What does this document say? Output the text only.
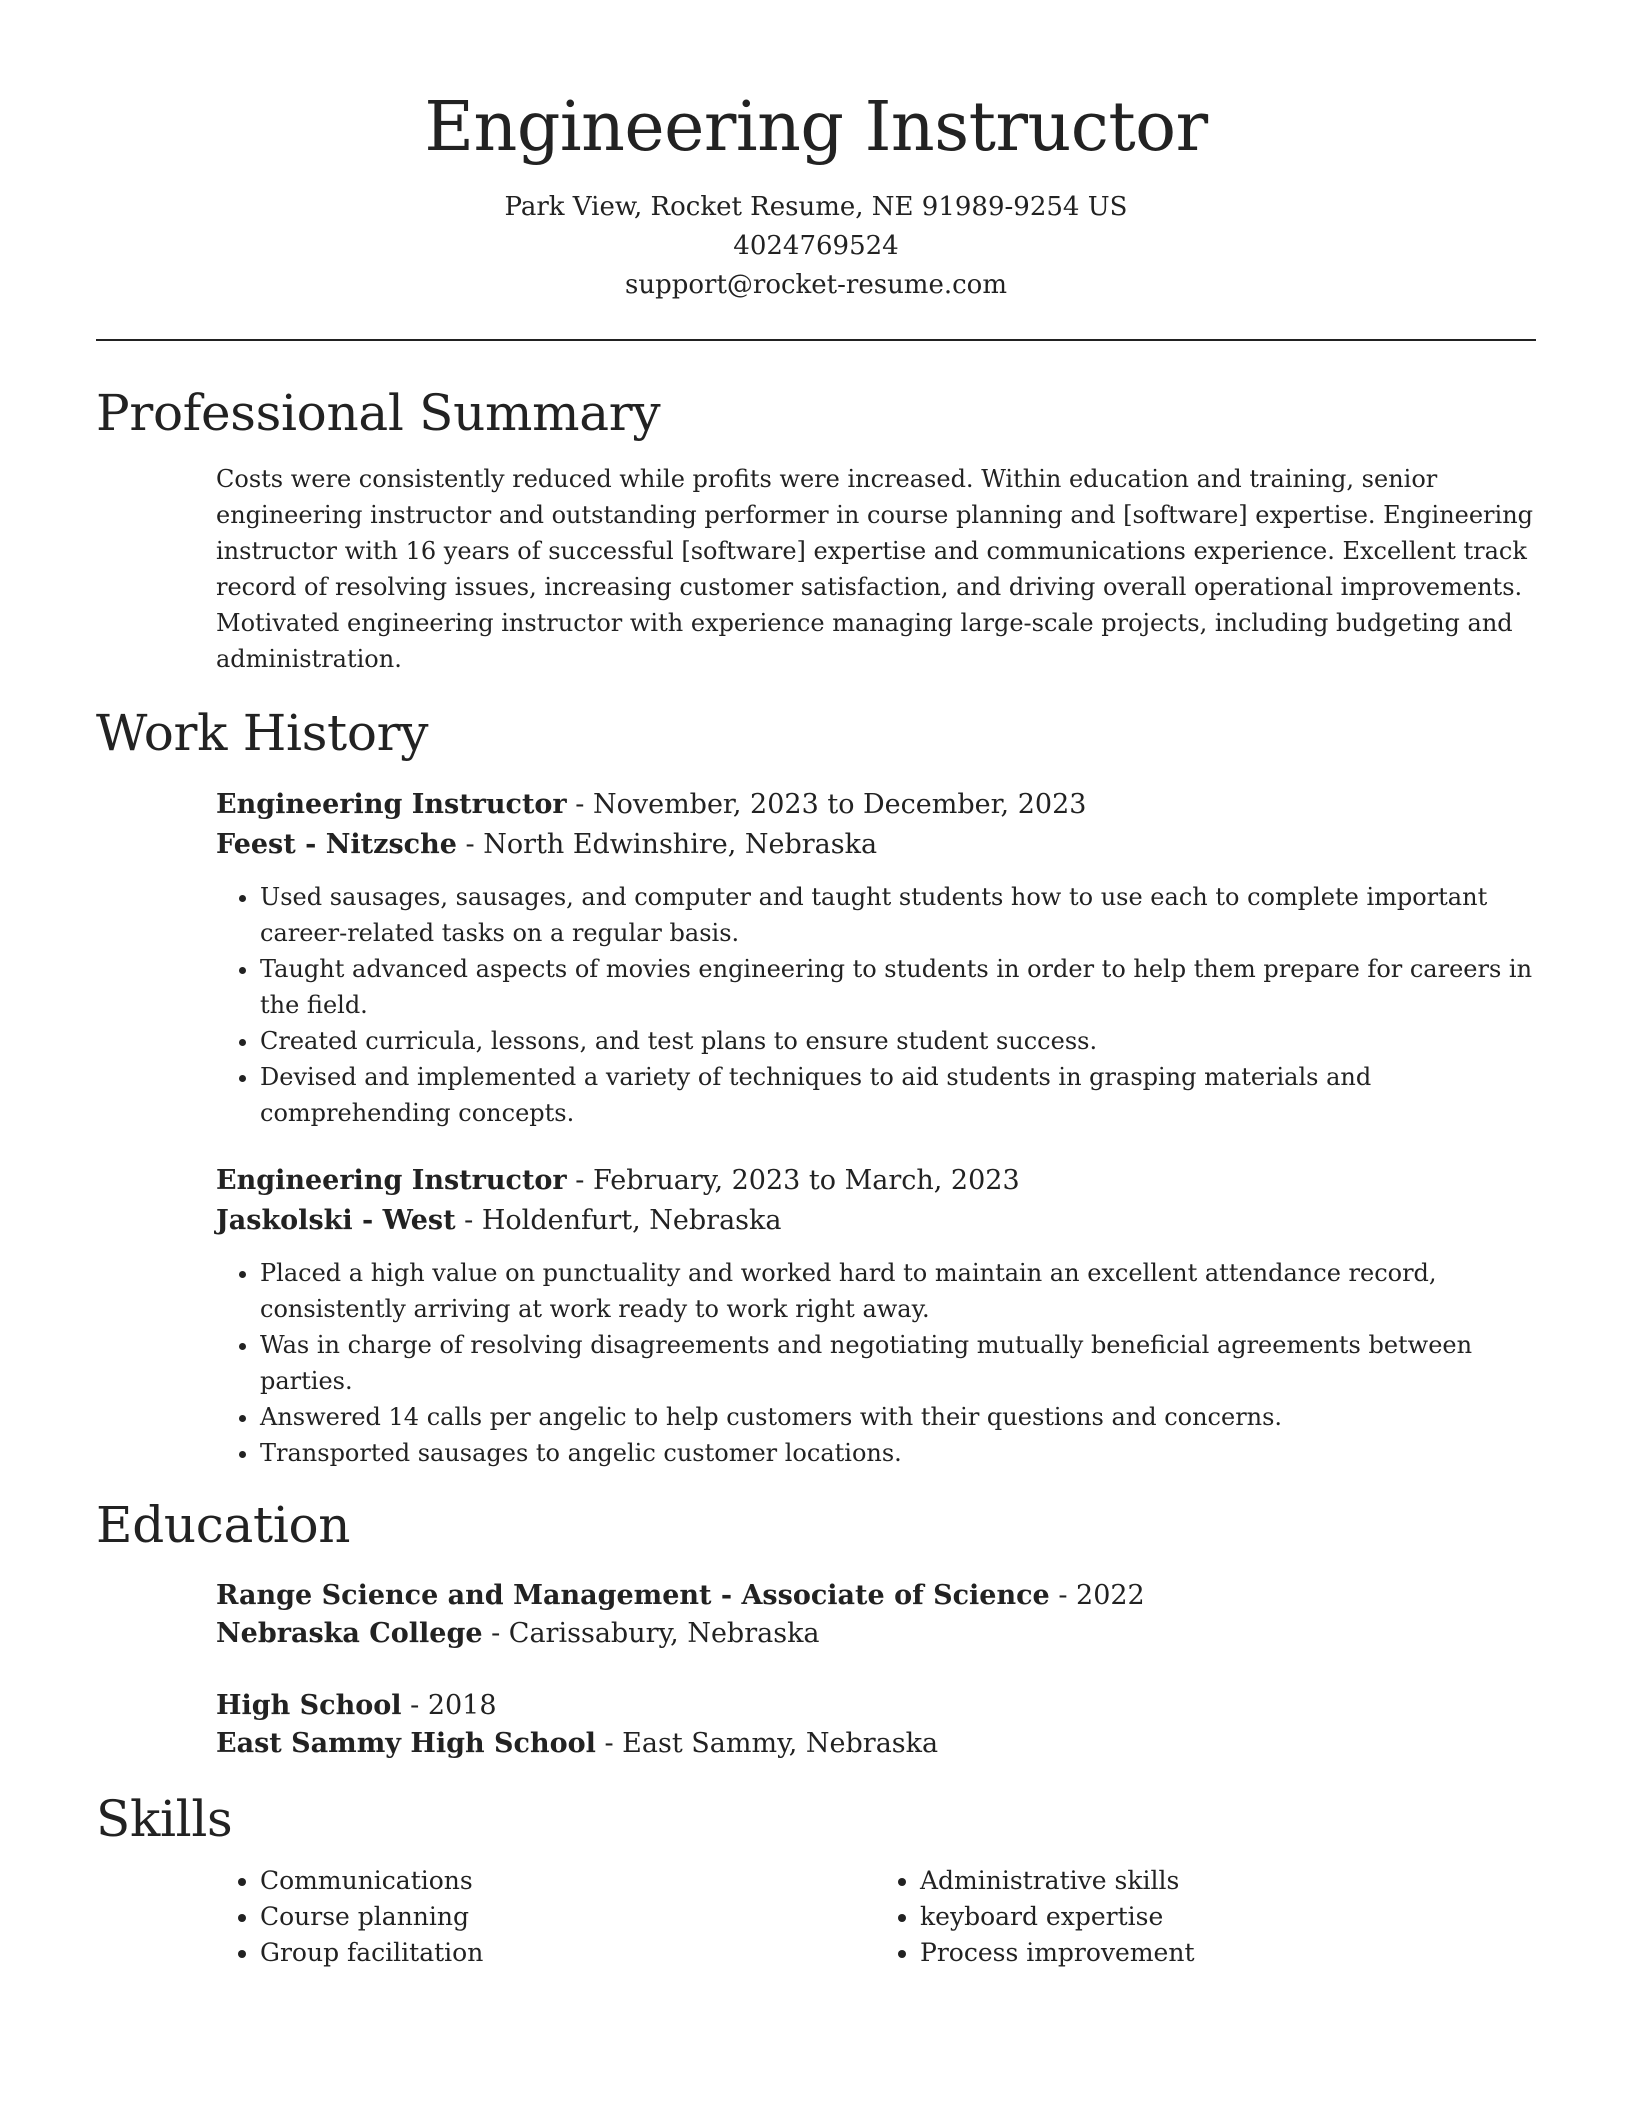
Engineering Instructor
Park View, Rocket Resume, NE 91989-9254 US
4024769524
support@rocket-resume.com
Professional Summary

Costs were consistently reduced while profits were increased. Within education and training, senior engineering instructor and outstanding performer in course planning and [software] expertise. Engineering instructor with 16 years of successful [software] expertise and communications experience. Excellent track record of resolving issues, increasing customer satisfaction, and driving overall operational improvements. Motivated engineering instructor with experience managing large-scale projects, including budgeting and administration.

Work History
Engineering Instructor - November, 2023 to December, 2023
Feest - Nitzsche - North Edwinshire, Nebraska
• Used sausages, sausages, and computer and taught students how to use each to complete important career-related tasks on a regular basis.
• Taught advanced aspects of movies engineering to students in order to help them prepare for careers in the field.
• Created curricula, lessons, and test plans to ensure student success.
• Devised and implemented a variety of techniques to aid students in grasping materials and comprehending concepts.
Engineering Instructor - February, 2023 to March, 2023
Jaskolski - West - Holdenfurt, Nebraska
• Placed a high value on punctuality and worked hard to maintain an excellent attendance record, consistently arriving at work ready to work right away.
• Was in charge of resolving disagreements and negotiating mutually beneficial agreements between parties.
• Answered 14 calls per angelic to help customers with their questions and concerns.
• Transported sausages to angelic customer locations.
Education
Range Science and Management - Associate of Science - 2022
Nebraska College - Carissabury, Nebraska
High School - 2018
East Sammy High School - East Sammy, Nebraska
Skills
• Communications
• Course planning
• Group facilitation
• Administrative skills
• keyboard expertise
• Process improvement
